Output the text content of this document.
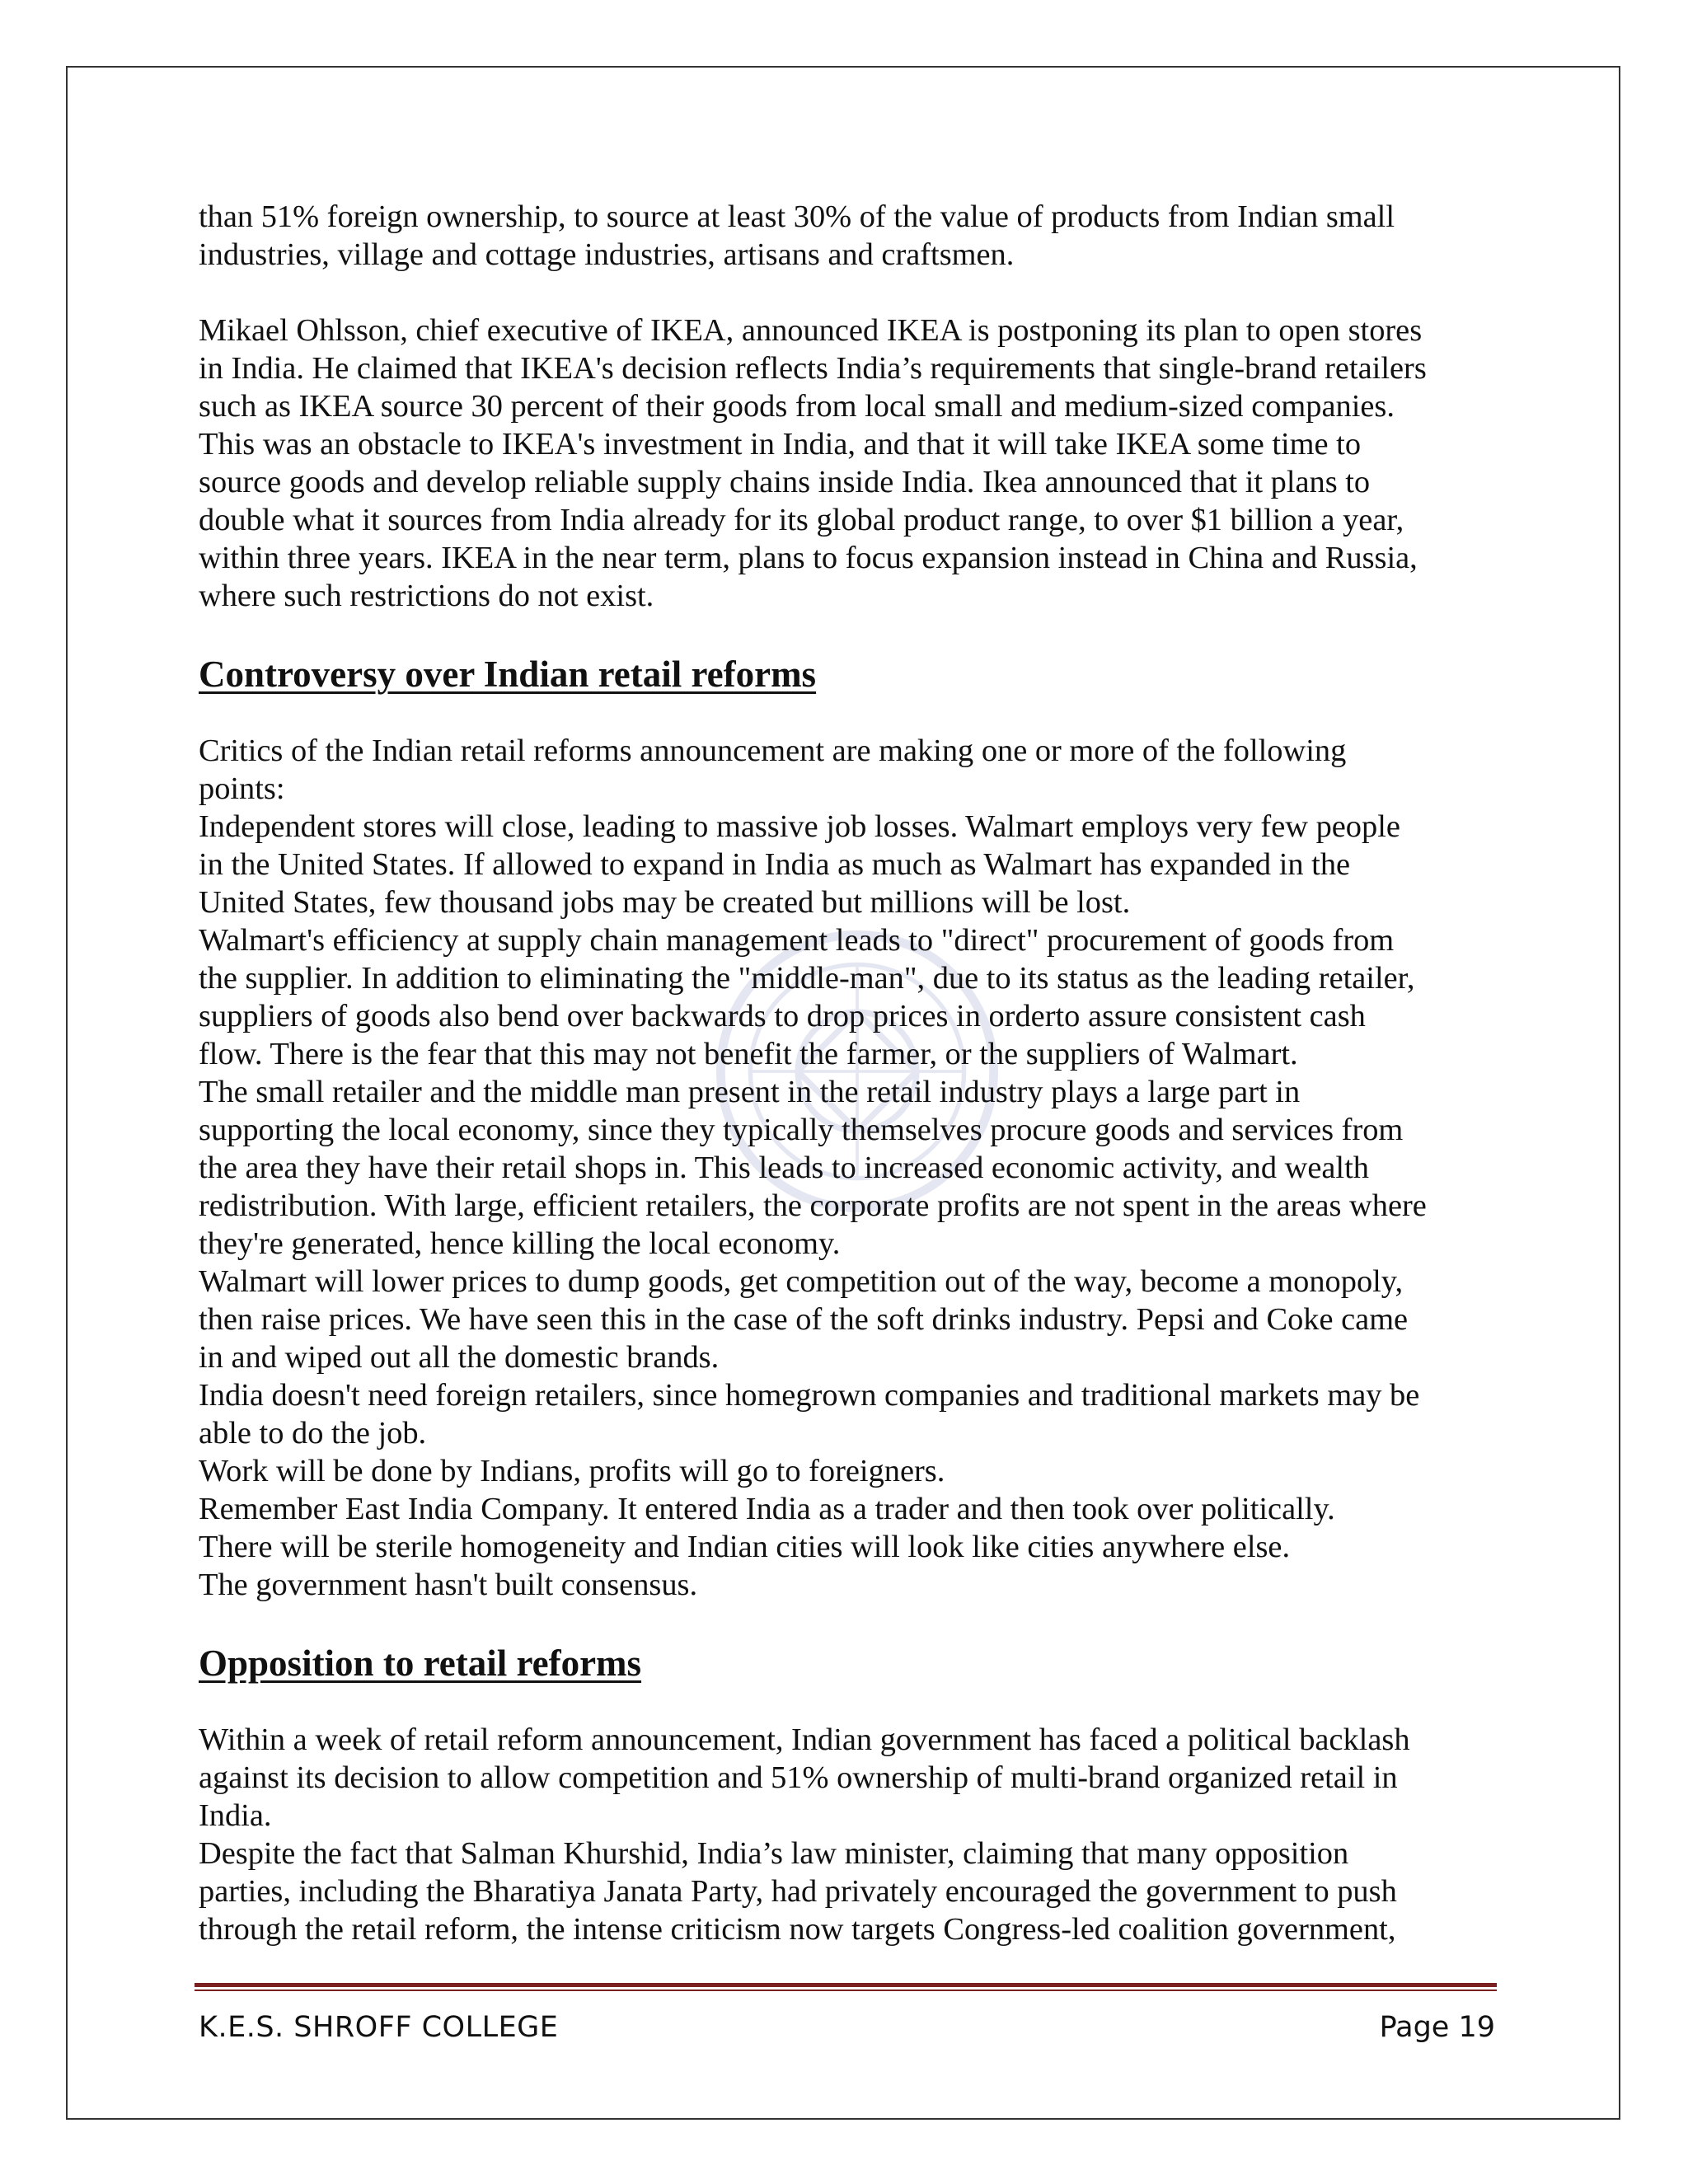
than 51% foreign ownership, to source at least 30% of the value of products from Indian small
industries, village and cottage industries, artisans and craftsmen.

Mikael Ohlsson, chief executive of IKEA, announced IKEA is postponing its plan to open stores
in India. He claimed that IKEA's decision reflects India’s requirements that single-brand retailers
such as IKEA source 30 percent of their goods from local small and medium-sized companies.
This was an obstacle to IKEA's investment in India, and that it will take IKEA some time to
source goods and develop reliable supply chains inside India. Ikea announced that it plans to
double what it sources from India already for its global product range, to over $1 billion a year,
within three years. IKEA in the near term, plans to focus expansion instead in China and Russia,
where such restrictions do not exist.

Controversy over Indian retail reforms

Critics of the Indian retail reforms announcement are making one or more of the following
points:
Independent stores will close, leading to massive job losses. Walmart employs very few people
in the United States. If allowed to expand in India as much as Walmart has expanded in the
United States, few thousand jobs may be created but millions will be lost.
Walmart's efficiency at supply chain management leads to "direct" procurement of goods from
the supplier. In addition to eliminating the "middle-man", due to its status as the leading retailer,
suppliers of goods also bend over backwards to drop prices in orderto assure consistent cash
flow. There is the fear that this may not benefit the farmer, or the suppliers of Walmart.
The small retailer and the middle man present in the retail industry plays a large part in
supporting the local economy, since they typically themselves procure goods and services from
the area they have their retail shops in. This leads to increased economic activity, and wealth
redistribution. With large, efficient retailers, the corporate profits are not spent in the areas where
they're generated, hence killing the local economy.
Walmart will lower prices to dump goods, get competition out of the way, become a monopoly,
then raise prices. We have seen this in the case of the soft drinks industry. Pepsi and Coke came
in and wiped out all the domestic brands.
India doesn't need foreign retailers, since homegrown companies and traditional markets may be
able to do the job.
Work will be done by Indians, profits will go to foreigners.
Remember East India Company. It entered India as a trader and then took over politically.
There will be sterile homogeneity and Indian cities will look like cities anywhere else.
The government hasn't built consensus.

Opposition to retail reforms

Within a week of retail reform announcement, Indian government has faced a political backlash
against its decision to allow competition and 51% ownership of multi-brand organized retail in
India.
Despite the fact that Salman Khurshid, India’s law minister, claiming that many opposition
parties, including the Bharatiya Janata Party, had privately encouraged the government to push
through the retail reform, the intense criticism now targets Congress-led coalition government,

K.E.S. SHROFF COLLEGE	Page 19
